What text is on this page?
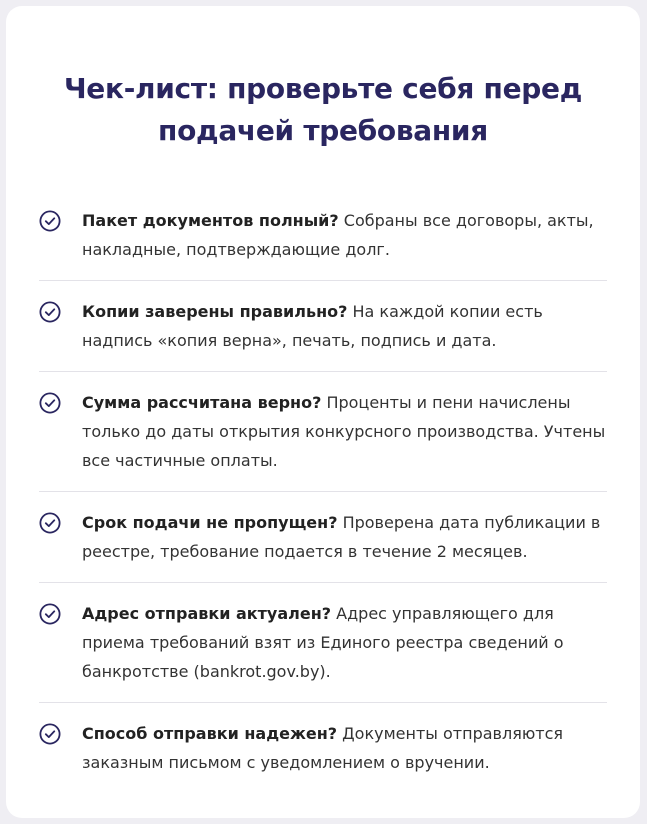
Чек-лист: проверьте себя перед подачей требования

Пакет документов полный? Собраны все договоры, акты, накладные, подтверждающие долг.

Копии заверены правильно? На каждой копии есть надпись «копия верна», печать, подпись и дата.

Сумма рассчитана верно? Проценты и пени начислены только до даты открытия конкурсного производства. Учтены все частичные оплаты.

Срок подачи не пропущен? Проверена дата публикации в реестре, требование подается в течение 2 месяцев.

Адрес отправки актуален? Адрес управляющего для приема требований взят из Единого реестра сведений о банкротстве (bankrot.gov.by).

Способ отправки надежен? Документы отправляются заказным письмом с уведомлением о вручении.
